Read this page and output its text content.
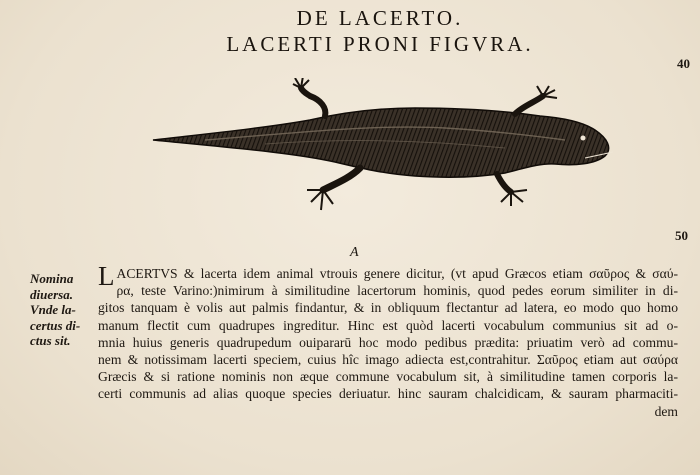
DE LACERTO.
LACERTI PRONI FIGVRA.
40
50
A
Nomina
diuersa.
Vnde la-
certus di-
ctus sit.
L ACERTVS & lacerta idem animal vtrouis genere dicitur, (vt apud Græcos etiam σαῦρος & σαύ-
ρα, teste Varino:)nimirum à similitudine lacertorum hominis, quod pedes eorum similiter in di-
gitos tanquam è volis aut palmis findantur, & in obliquum flectantur ad latera, eo modo quo homo
manum flectit cum quadrupes ingreditur. Hinc est quòd lacerti vocabulum communius sit ad o-
mnia huius generis quadrupedum ouipararū hoc modo pedibus prædita: priuatim verò ad commu-
nem & notissimam lacerti speciem, cuius hîc imago adiecta est,contrahitur. Σαῦρος etiam aut σαύρα
Græcis & si ratione nominis non æque commune vocabulum sit, à similitudine tamen corporis la-
certi communis ad alias quoque species deriuatur. hinc sauram chalcidicam, & sauram pharmaciti-
dem
